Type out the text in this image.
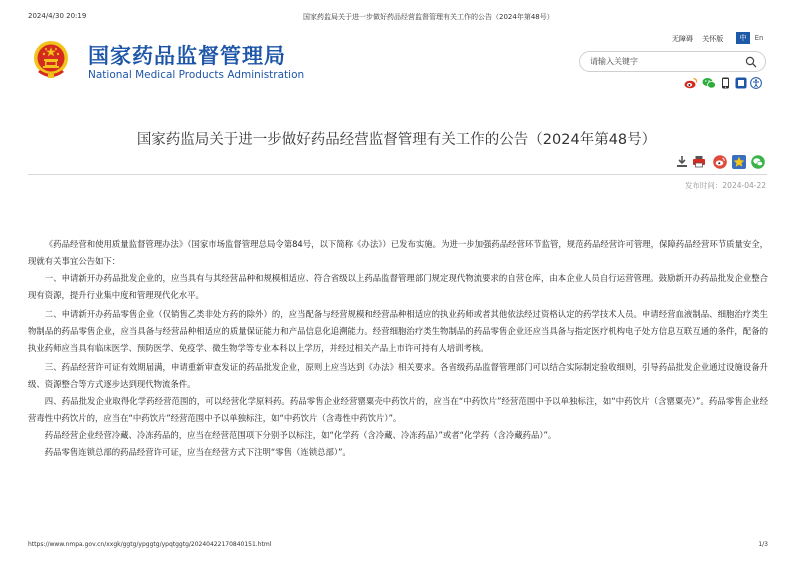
2024/4/30 20:19	国家药监局关于进一步做好药品经营监督管理有关工作的公告（2024年第48号）
国家药品监督管理局
National Medical Products Administration
无障碍 关怀版	中	En
请输入关键字
国家药监局关于进一步做好药品经营监督管理有关工作的公告（2024年第48号）
发布时间：2024-04-22

《药品经营和使用质量监督管理办法》（国家市场监督管理总局令第84号，以下简称《办法》）已发布实施。为进一步加强药品经营环节监管，规范药品经营许可管理，保障药品经营环节质量安全，现就有关事宜公告如下：

一、申请新开办药品批发企业的，应当具有与其经营品种和规模相适应、符合省级以上药品监督管理部门规定现代物流要求的自营仓库，由本企业人员自行运营管理。鼓励新开办药品批发企业整合现有资源，提升行业集中度和管理现代化水平。

二、申请新开办药品零售企业（仅销售乙类非处方药的除外）的，应当配备与经营规模和经营品种相适应的执业药师或者其他依法经过资格认定的药学技术人员。申请经营血液制品、细胞治疗类生物制品的药品零售企业，应当具备与经营品种相适应的质量保证能力和产品信息化追溯能力。经营细胞治疗类生物制品的药品零售企业还应当具备与指定医疗机构电子处方信息互联互通的条件，配备的执业药师应当具有临床医学、预防医学、免疫学、微生物学等专业本科以上学历，并经过相关产品上市许可持有人培训考核。

三、药品经营许可证有效期届满，申请重新审查发证的药品批发企业，原则上应当达到《办法》相关要求。各省级药品监督管理部门可以结合实际制定验收细则，引导药品批发企业通过设施设备升级、资源整合等方式逐步达到现代物流条件。

四、药品批发企业取得化学药经营范围的，可以经营化学原料药。药品零售企业经营罂粟壳中药饮片的，应当在“中药饮片”经营范围中予以单独标注，如“中药饮片（含罂粟壳）”。药品零售企业经营毒性中药饮片的，应当在“中药饮片”经营范围中予以单独标注，如“中药饮片（含毒性中药饮片）”。

药品经营企业经营冷藏、冷冻药品的，应当在经营范围项下分别予以标注，如“化学药（含冷藏、冷冻药品）”或者“化学药（含冷藏药品）”。

药品零售连锁总部的药品经营许可证，应当在经营方式下注明“零售（连锁总部）”。

https://www.nmpa.gov.cn/xxgk/ggtg/ypggtg/ypqtggtg/20240422170840151.html	1/3
